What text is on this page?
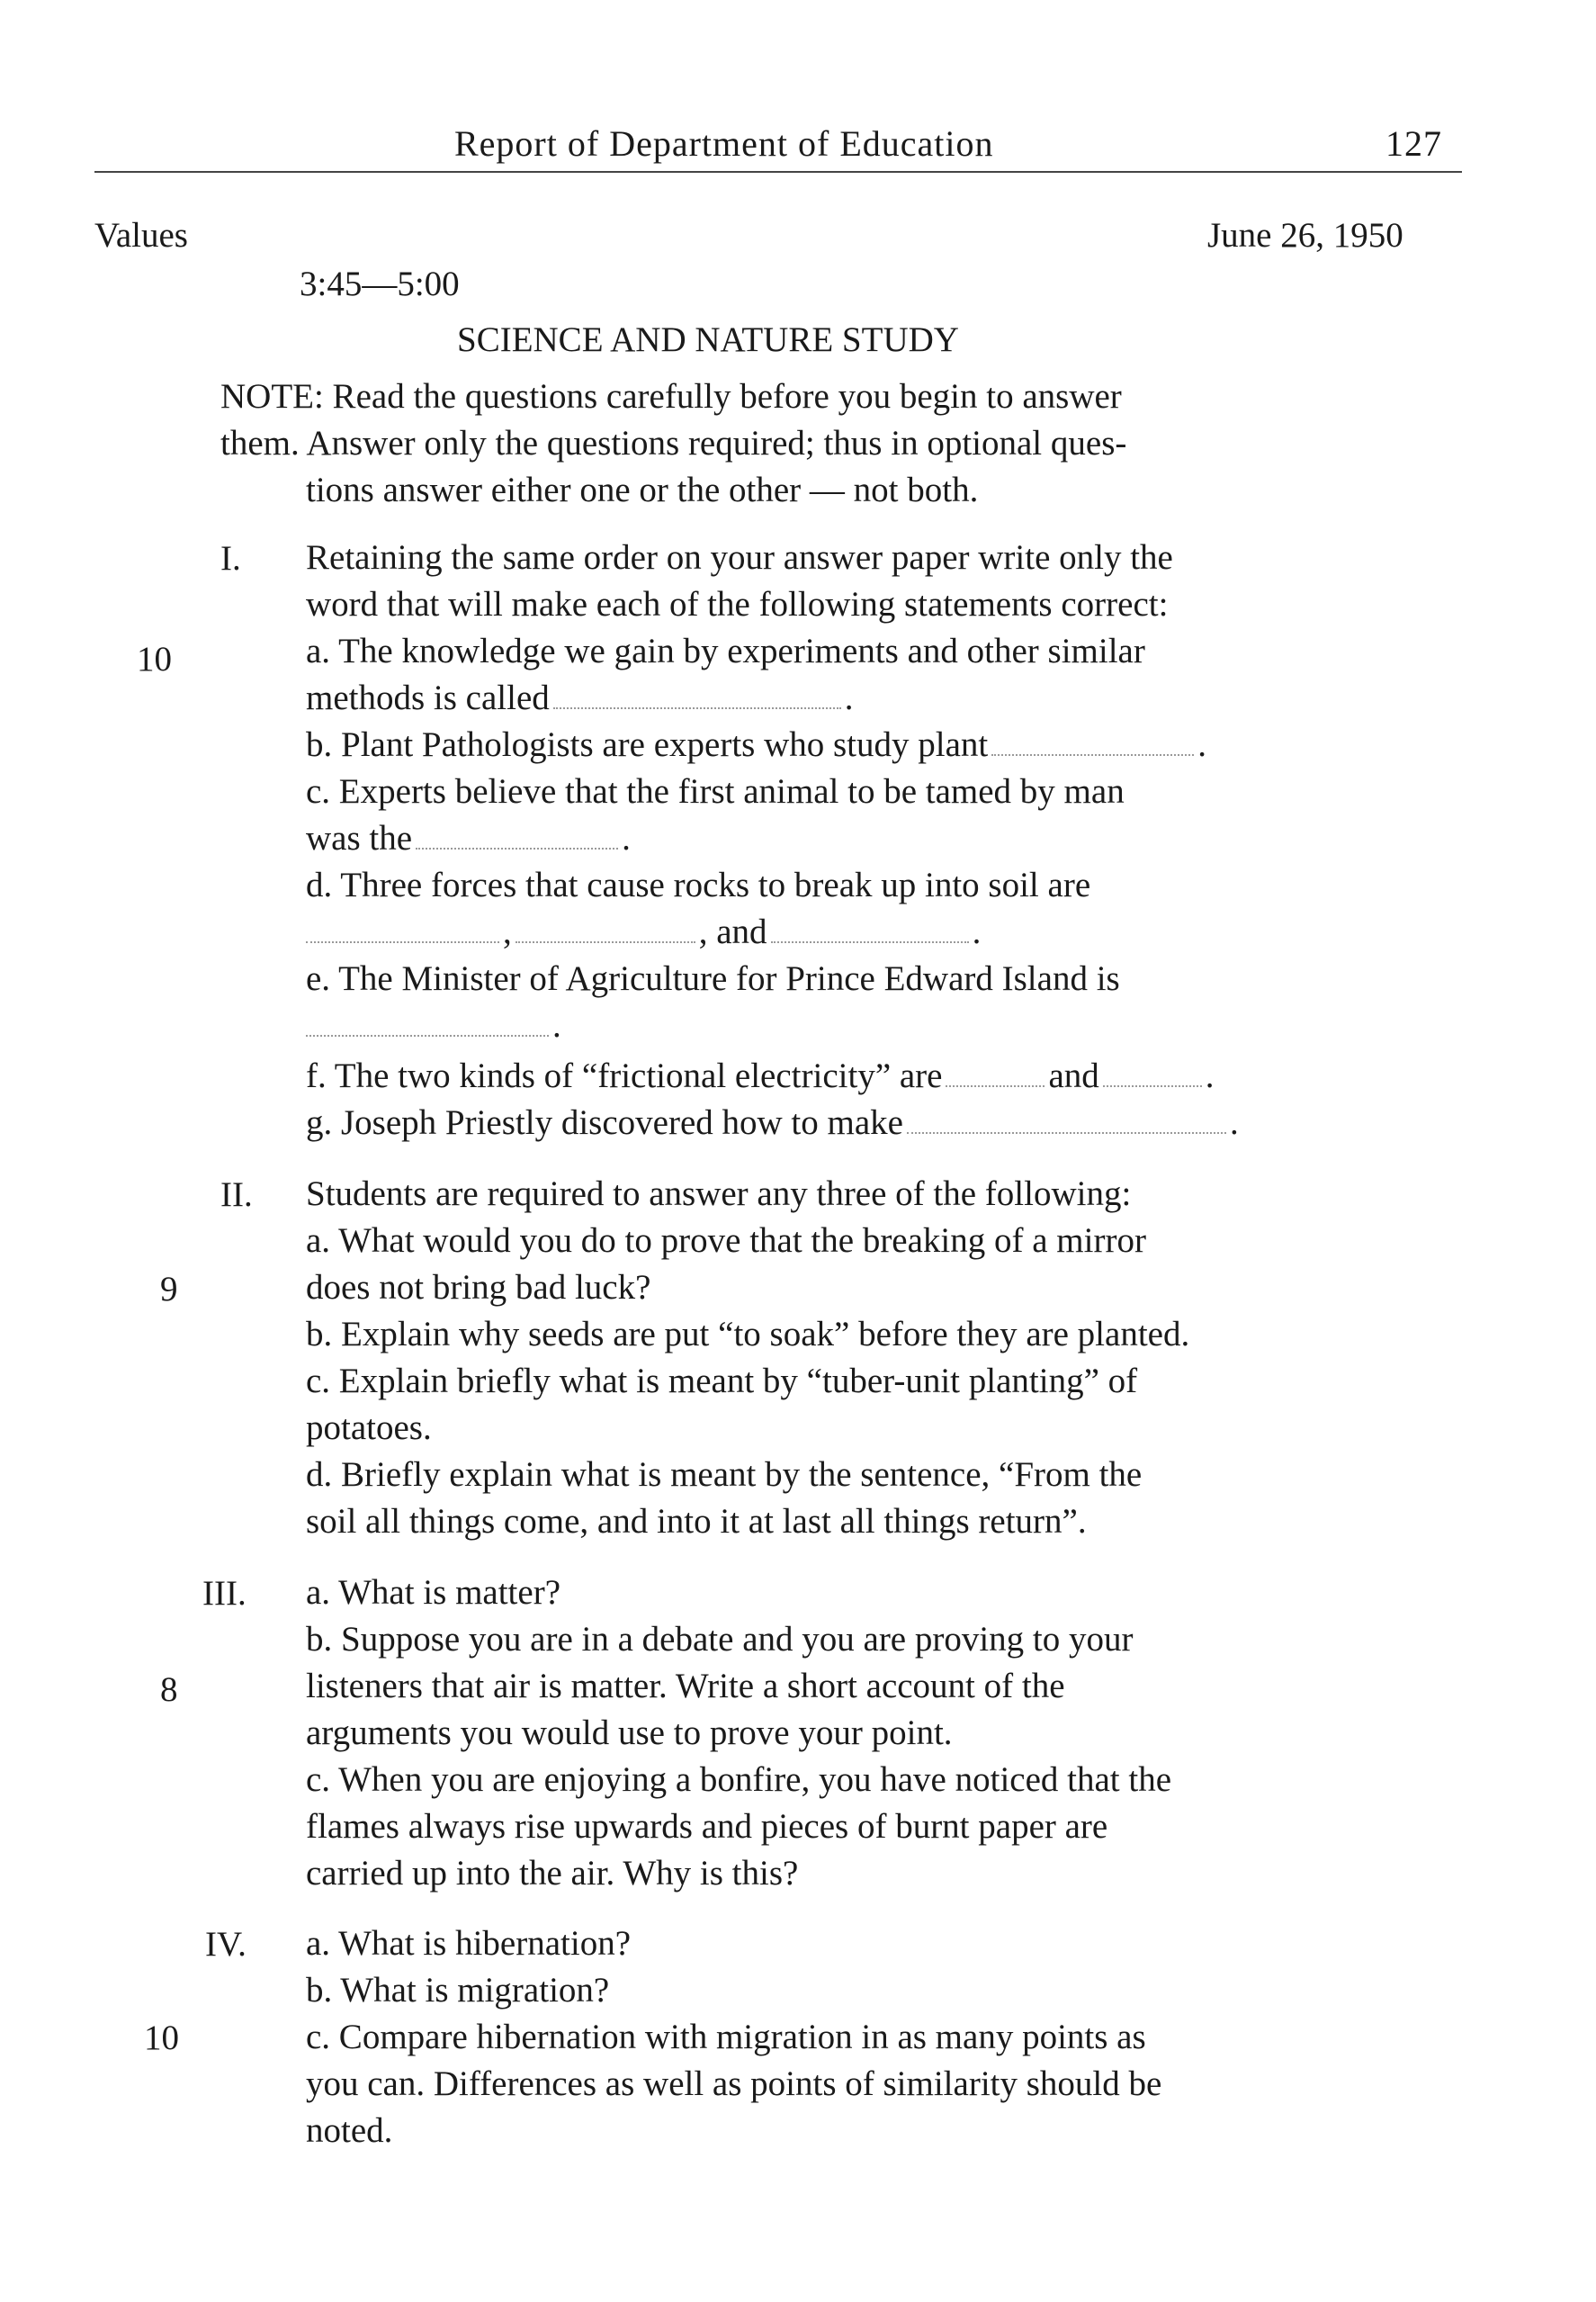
Report of Department of Education	127
Values	June 26, 1950
3:45—5:00
SCIENCE AND NATURE STUDY
NOTE: Read the questions carefully before you begin to answer
them. Answer only the questions required; thus in optional ques-
tions answer either one or the other — not both.
I.
10
Retaining the same order on your answer paper write only the
word that will make each of the following statements correct:
a. The knowledge we gain by experiments and other similar
methods is called	.
b. Plant Pathologists are experts who study plant	.
c. Experts believe that the first animal to be tamed by man
was the	.
d. Three forces that cause rocks to break up into soil are
,	, and	.
e. The Minister of Agriculture for Prince Edward Island is
.
f. The two kinds of “frictional electricity” are	and	.
g. Joseph Priestly discovered how to make	.
II.
9
Students are required to answer any three of the following:
a. What would you do to prove that the breaking of a mirror
does not bring bad luck?
b. Explain why seeds are put “to soak” before they are planted.
c. Explain briefly what is meant by “tuber-unit planting” of
potatoes.
d. Briefly explain what is meant by the sentence, “From the
soil all things come, and into it at last all things return”.
III.
8
a. What is matter?
b. Suppose you are in a debate and you are proving to your
listeners that air is matter. Write a short account of the
arguments you would use to prove your point.
c. When you are enjoying a bonfire, you have noticed that the
flames always rise upwards and pieces of burnt paper are
carried up into the air. Why is this?
IV.
10
a. What is hibernation?
b. What is migration?
c. Compare hibernation with migration in as many points as
you can. Differences as well as points of similarity should be
noted.
